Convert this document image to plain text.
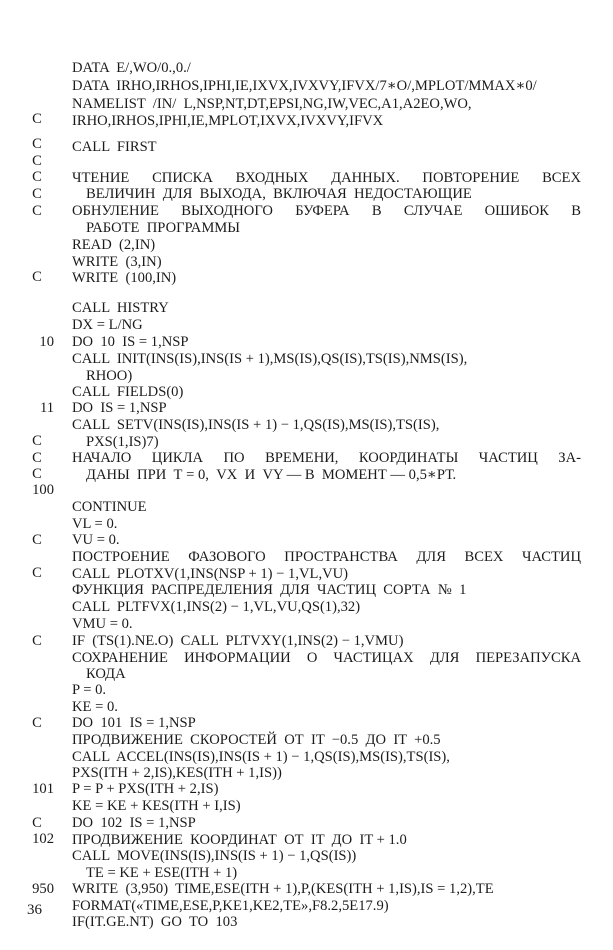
DATA  E/,WO/0.,0./

DATA  IRHO,IRHOS,IPHI,IE,IXVX,IVXVY,IFVX/7∗O/,MPLOT/MMAX∗0/

NAMELIST  /IN/  L,NSP,NT,DT,EPSI,NG,IW,VEC,A1,A2EO,WO,

IRHO,IRHOS,IPHI,IE,MPLOT,IXVX,IVXVY,IFVX

C

CALL  FIRST

C

C

ЧТЕНИЕ  СПИСКА  ВХОДНЫХ  ДАННЫХ.  ПОВТОРЕНИЕ  ВСЕХ

C

ВЕЛИЧИН  ДЛЯ  ВЫХОДА,  ВКЛЮЧАЯ  НЕДОСТАЮЩИЕ

C

ОБНУЛЕНИЕ  ВЫХОДНОГО  БУФЕРА  В  СЛУЧАЕ  ОШИБОК  В

C

РАБОТЕ  ПРОГРАММЫ

READ  (2,IN)

WRITE  (3,IN)

WRITE  (100,IN)

C

CALL  HISTRY

DX = L/NG

DO  10  IS = 1,NSP

10

CALL  INIT(INS(IS),INS(IS + 1),MS(IS),QS(IS),TS(IS),NMS(IS),

RHOO)

CALL  FIELDS(0)

DO  IS = 1,NSP

11

CALL  SETV(INS(IS),INS(IS + 1) − 1,QS(IS),MS(IS),TS(IS),

PXS(1,IS)7)

C

НАЧАЛО  ЦИКЛА  ПО  ВРЕМЕНИ,  КООРДИНАТЫ  ЧАСТИЦ  ЗА-

C

ДАНЫ  ПРИ  Т = 0,  VX  И  VY — В  МОМЕНТ — 0,5∗РТ.

C

100

CONTINUE

VL = 0.

VU = 0.

C

ПОСТРОЕНИЕ  ФАЗОВОГО  ПРОСТРАНСТВА  ДЛЯ  ВСЕХ  ЧАСТИЦ

CALL  PLOTXV(1,INS(NSP + 1) − 1,VL,VU)

C

ФУНКЦИЯ  РАСПРЕДЕЛЕНИЯ  ДЛЯ  ЧАСТИЦ  СОРТА  №  1

CALL  PLTFVX(1,INS(2) − 1,VL,VU,QS(1),32)

VMU = 0.

IF  (TS(1).NE.O)  CALL  PLTVXY(1,INS(2) − 1,VMU)

C

СОХРАНЕНИЕ  ИНФОРМАЦИИ  О  ЧАСТИЦАХ  ДЛЯ  ПЕРЕЗАПУСКА

КОДА

P = 0.

KE = 0.

DO  101  IS = 1,NSP

C

ПРОДВИЖЕНИЕ  СКОРОСТЕЙ  ОТ  IT  −0.5  ДО  IT  +0.5

CALL  ACCEL(INS(IS),INS(IS + 1) − 1,QS(IS),MS(IS),TS(IS),

PXS(ITH + 2,IS),KES(ITH + 1,IS))

P = P + PXS(ITH + 2,IS)

101

KE = KE + KES(ITH + I,IS)

DO  102  IS = 1,NSP

C

ПРОДВИЖЕНИЕ  КООРДИНАТ  ОТ  IT  ДО  IT + 1.0

102

CALL  MOVE(INS(IS),INS(IS + 1) − 1,QS(IS))

TE = KE + ESE(ITH + 1)

WRITE  (3,950)  TIME,ESE(ITH + 1),P,(KES(ITH + 1,IS),IS = 1,2),TE

950

FORMAT(«TIME,ESE,P,KE1,KE2,TE»,F8.2,5E17.9)

IF(IT.GE.NT)  GO  TO  103

36
